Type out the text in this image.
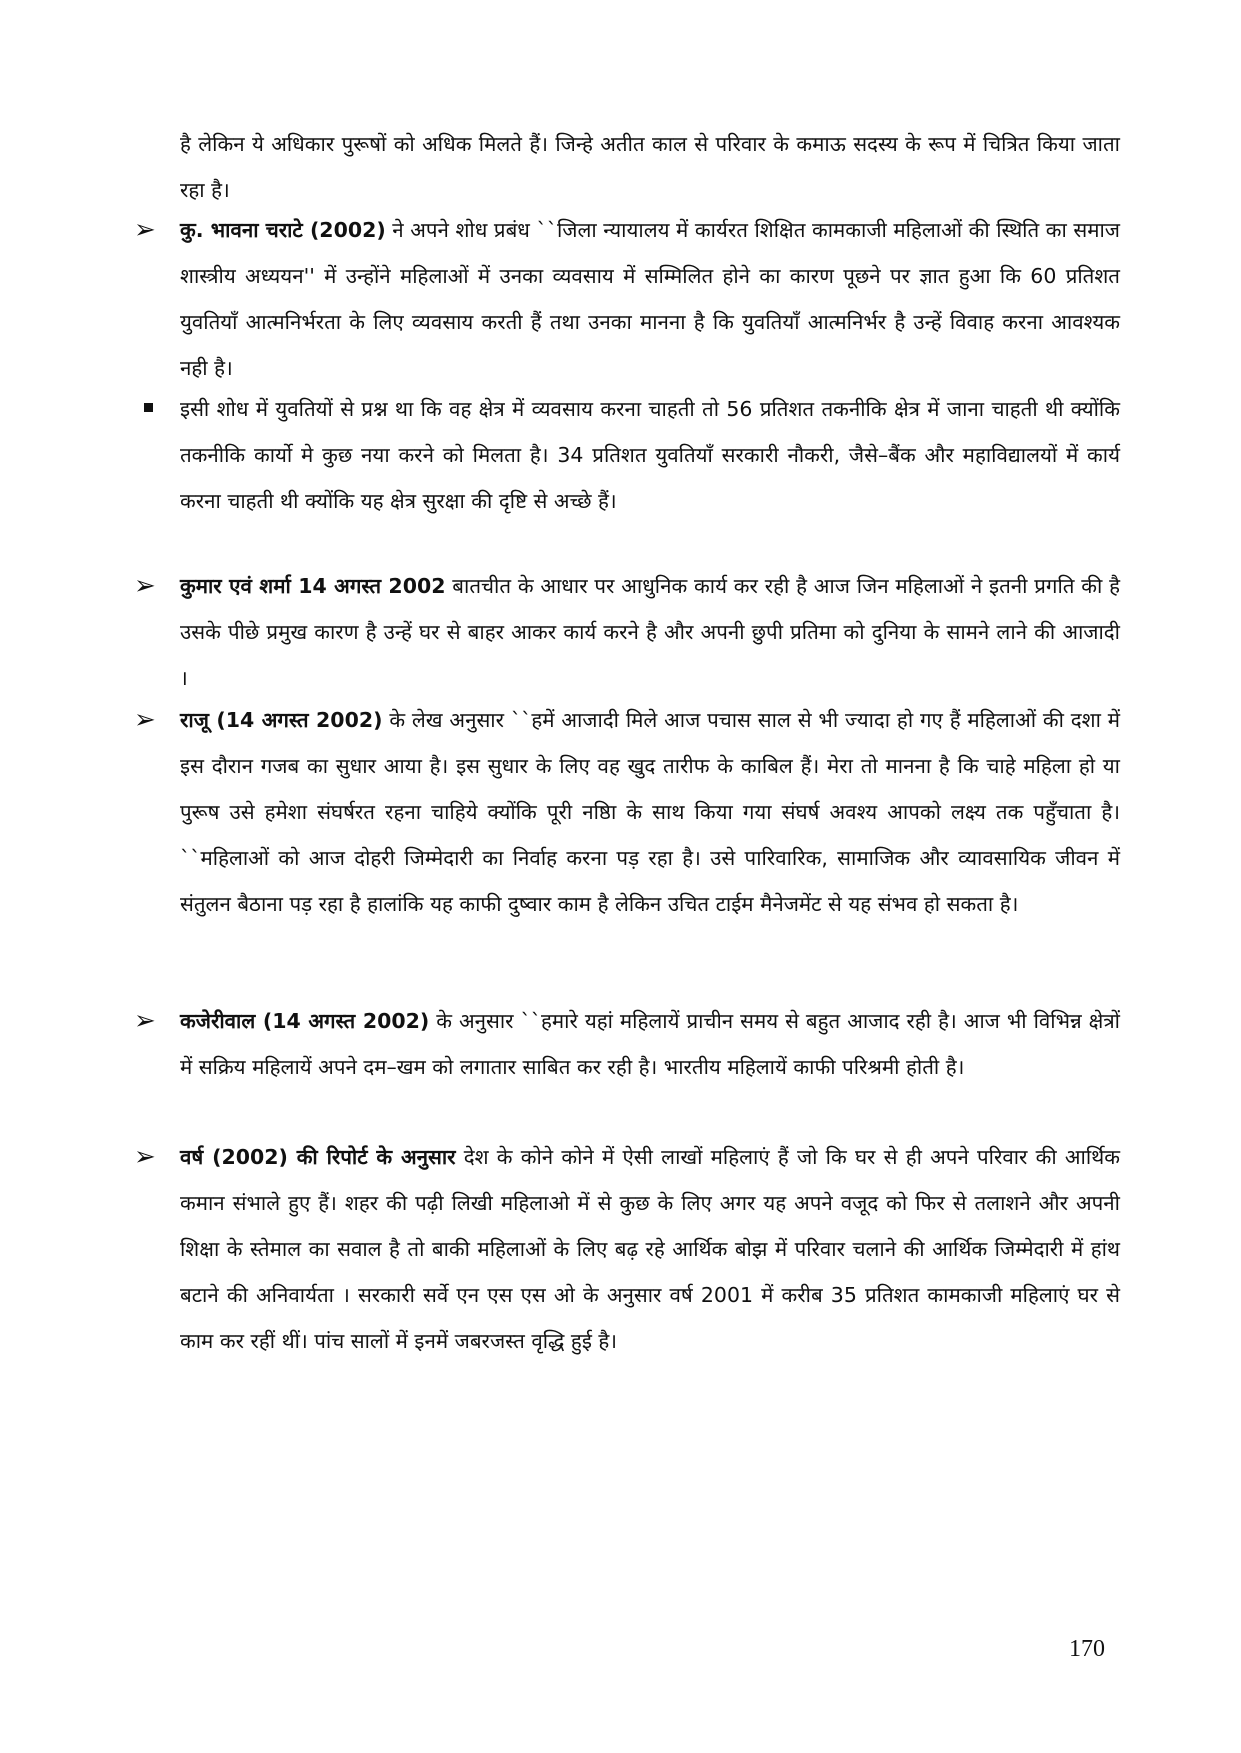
है लेकिन ये अधिकार पुरूषों को अधिक मिलते हैं। जिन्हे अतीत काल से परिवार के कमाऊ सदस्य के रूप में चित्रित किया जाता रहा है।

➢ कु. भावना चराटे (2002) ने अपने शोध प्रबंध ``जिला न्यायालय में कार्यरत शिक्षित कामकाजी महिलाओं की स्थिति का समाज शास्त्रीय अध्ययन'' में उन्होंने महिलाओं में उनका व्यवसाय में सम्मिलित होने का कारण पूछने पर ज्ञात हुआ कि 60 प्रतिशत युवतियॉं आत्मनिर्भरता के लिए व्यवसाय करती हैं तथा उनका मानना है कि युवतियॉं आत्मनिर्भर है उन्हें विवाह करना आवश्यक नही है।

इसी शोध में युवतियों से प्रश्न था कि वह क्षेत्र में व्यवसाय करना चाहती तो 56 प्रतिशत तकनीकि क्षेत्र में जाना चाहती थी क्योंकि तकनीकि कार्यो मे कुछ नया करने को मिलता है। 34 प्रतिशत युवतियॉं सरकारी नौकरी, जैसे–बैंक और महाविद्यालयों में कार्य करना चाहती थी क्योंकि यह क्षेत्र सुरक्षा की दृष्टि से अच्छे हैं।

➢ कुमार एवं शर्मा 14 अगस्त 2002 बातचीत के आधार पर आधुनिक कार्य कर रही है आज जिन महिलाओं ने इतनी प्रगति की है उसके पीछे प्रमुख कारण है उन्हें घर से बाहर आकर कार्य करने है और अपनी छुपी प्रतिमा को दुनिया के सामने लाने की आजादी ।

➢ राजू (14 अगस्त 2002) के लेख अनुसार ``हमें आजादी मिले आज पचास साल से भी ज्यादा हो गए हैं महिलाओं की दशा में इस दौरान गजब का सुधार आया है। इस सुधार के लिए वह खुद तारीफ के काबिल हैं। मेरा तो मानना है कि चाहे महिला हो या पुरूष उसे हमेशा संघर्षरत रहना चाहिये क्योंकि पूरी नष्ठिा के साथ किया गया संघर्ष अवश्य आपको लक्ष्य तक पहुॅंचाता है। ``महिलाओं को आज दोहरी जिम्मेदारी का निर्वाह करना पड़ रहा है। उसे पारिवारिक, सामाजिक और व्यावसायिक जीवन में संतुलन बैठाना पड़ रहा है हालांकि यह काफी दुष्वार काम है लेकिन उचित टाईम मैनेजमेंट से यह संभव हो सकता है।

➢ कजेरीवाल (14 अगस्त 2002) के अनुसार ``हमारे यहां महिलायें प्राचीन समय से बहुत आजाद रही है। आज भी विभिन्न क्षेत्रों में सक्रिय महिलायें अपने दम–खम को लगातार साबित कर रही है। भारतीय महिलायें काफी परिश्रमी होती है।

➢ वर्ष (2002) की रिपोर्ट के अनुसार देश के कोने कोने में ऐसी लाखों महिलाएं हैं जो कि घर से ही अपने परिवार की आर्थिक कमान संभाले हुए हैं। शहर की पढ़ी लिखी महिलाओ में से कुछ के लिए अगर यह अपने वजूद को फिर से तलाशने और अपनी शिक्षा के स्तेमाल का सवाल है तो बाकी महिलाओं के लिए बढ़ रहे आर्थिक बोझ में परिवार चलाने की आर्थिक जिम्मेदारी में हांथ बटाने की अनिवार्यता । सरकारी सर्वे एन एस एस ओ के अनुसार वर्ष 2001 में करीब 35 प्रतिशत कामकाजी महिलाएं घर से काम कर रहीं थीं। पांच सालों में इनमें जबरजस्त वृद्धि हुई है।

170
